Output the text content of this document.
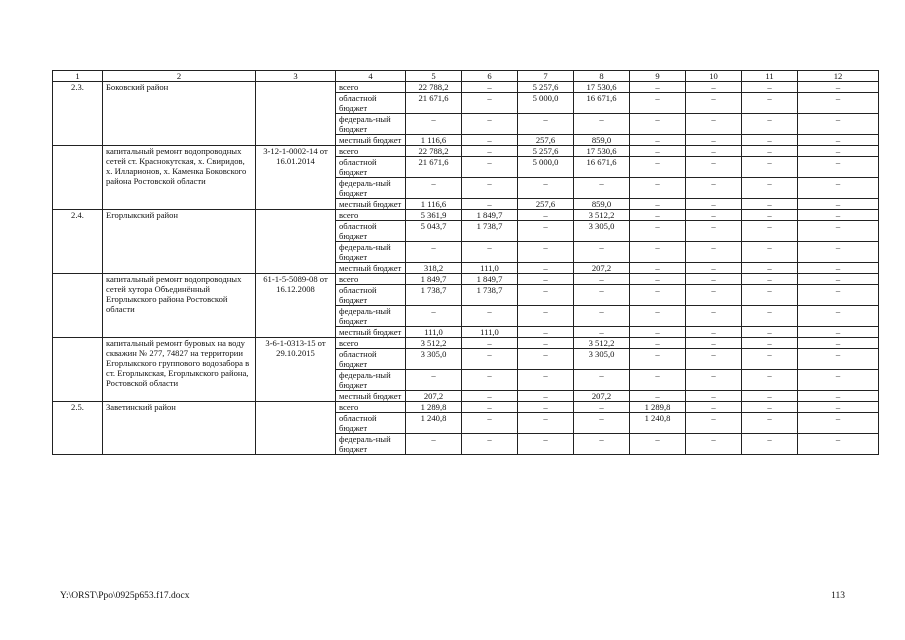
1	2	3	4	5	6	7	8	9	10	11	12
2.3.	Боковский район		всего	22 788,2	–	5 257,6	17 530,6	–	–	–	–
			областной бюджет	21 671,6	–	5 000,0	16 671,6	–	–	–	–
			федераль-ный бюджет	–	–	–	–	–	–	–	–
			местный бюджет	1 116,6	–	257,6	859,0	–	–	–	–
	капитальный ремонт водопроводных сетей ст. Краснокутская, х. Свиридов, х. Илларионов, х. Каменка Боковского района Ростовской области	3-12-1-0002-14 от 16.01.2014	всего	22 788,2	–	5 257,6	17 530,6	–	–	–	–
			областной бюджет	21 671,6	–	5 000,0	16 671,6	–	–	–	–
			федераль-ный бюджет	–	–	–	–	–	–	–	–
			местный бюджет	1 116,6	–	257,6	859,0	–	–	–	–
2.4.	Егорлыкский район		всего	5 361,9	1 849,7	–	3 512,2	–	–	–	–
			областной бюджет	5 043,7	1 738,7	–	3 305,0	–	–	–	–
			федераль-ный бюджет	–	–	–	–	–	–	–	–
			местный бюджет	318,2	111,0	–	207,2	–	–	–	–
	капитальный ремонт водопроводных сетей хутора Объединённый Егорлыкского района Ростовской области	61-1-5-5089-08 от 16.12.2008	всего	1 849,7	1 849,7	–	–	–	–	–	–
			областной бюджет	1 738,7	1 738,7	–	–	–	–	–	–
			федераль-ный бюджет	–	–	–	–	–	–	–	–
			местный бюджет	111,0	111,0	–	–	–	–	–	–
	капитальный ремонт буровых на воду скважин № 277, 74827 на территории Егорлыкского группового водозабора в ст. Егорлыкская, Егорлыкского района, Ростовской области	3-6-1-0313-15 от 29.10.2015	всего	3 512,2	–	–	3 512,2	–	–	–	–
			областной бюджет	3 305,0	–	–	3 305,0	–	–	–	–
			федераль-ный бюджет	–	–	–	–	–	–	–	–
			местный бюджет	207,2	–	–	207,2	–	–	–	–
2.5.	Заветинский район		всего	1 289,8	–	–	–	1 289,8	–	–	–
			областной бюджет	1 240,8	–	–	–	1 240,8	–	–	–
			федераль-ный бюджет	–	–	–	–	–	–	–	–
Y:\ORST\Ppo\0925p653.f17.docx	113
